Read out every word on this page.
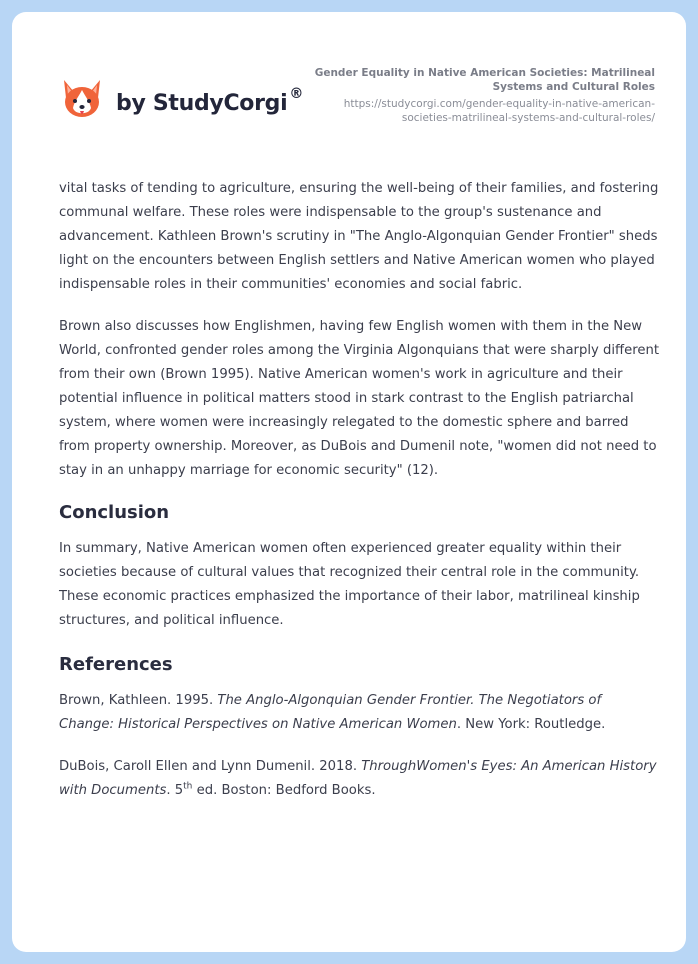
by StudyCorgi ®
Gender Equality in Native American Societies: Matrilineal Systems and Cultural Roles
https://studycorgi.com/gender-equality-in-native-american-societies-matrilineal-systems-and-cultural-roles/

vital tasks of tending to agriculture, ensuring the well-being of their families, and fostering communal welfare. These roles were indispensable to the group's sustenance and advancement. Kathleen Brown's scrutiny in "The Anglo-Algonquian Gender Frontier" sheds light on the encounters between English settlers and Native American women who played indispensable roles in their communities' economies and social fabric.

Brown also discusses how Englishmen, having few English women with them in the New World, confronted gender roles among the Virginia Algonquians that were sharply different from their own (Brown 1995). Native American women's work in agriculture and their potential influence in political matters stood in stark contrast to the English patriarchal system, where women were increasingly relegated to the domestic sphere and barred from property ownership. Moreover, as DuBois and Dumenil note, "women did not need to stay in an unhappy marriage for economic security" (12).

Conclusion

In summary, Native American women often experienced greater equality within their societies because of cultural values that recognized their central role in the community. These economic practices emphasized the importance of their labor, matrilineal kinship structures, and political influence.

References
Brown, Kathleen. 1995. The Anglo-Algonquian Gender Frontier. The Negotiators of Change: Historical Perspectives on Native American Women. New York: Routledge.
DuBois, Caroll Ellen and Lynn Dumenil. 2018. ThroughWomen's Eyes: An American History with Documents. 5th ed. Boston: Bedford Books.
